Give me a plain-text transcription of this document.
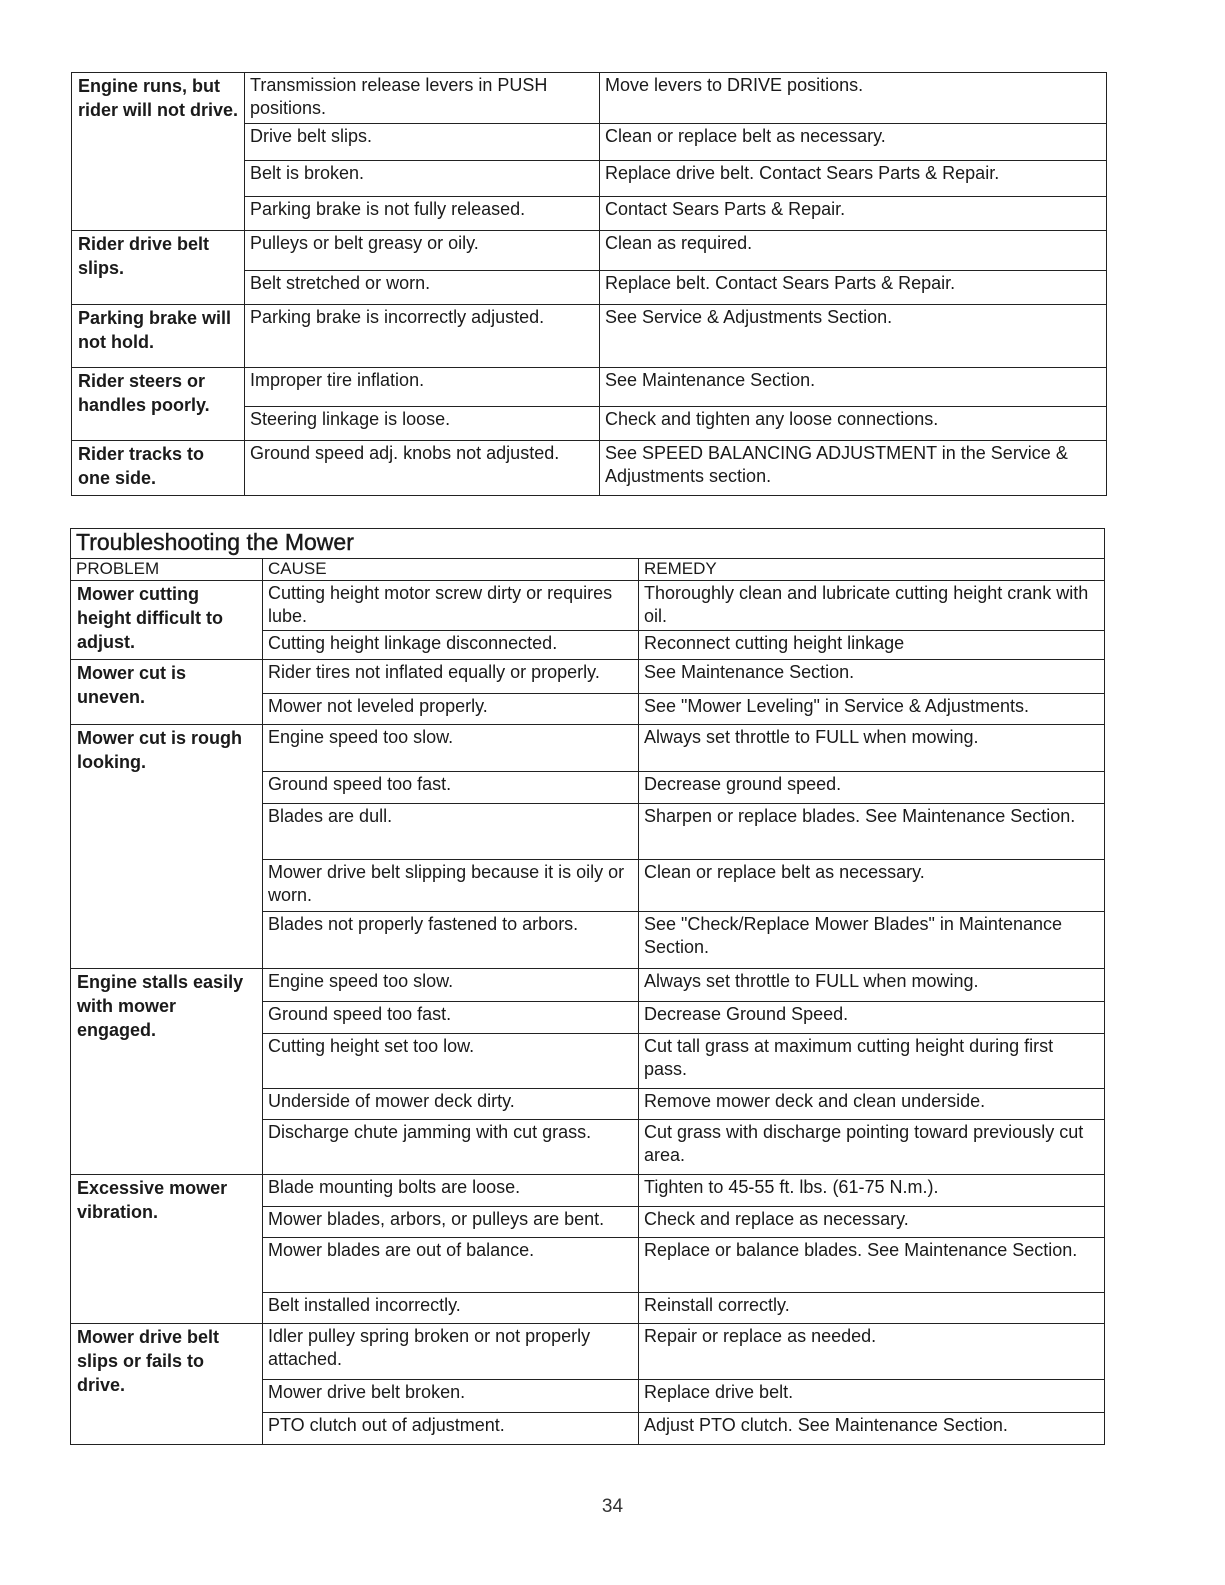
Engine runs, but rider will not drive.	Transmission release levers in PUSH positions.	Move levers to DRIVE positions.
	Drive belt slips.	Clean or replace belt as necessary.
	Belt is broken.	Replace drive belt. Contact Sears Parts & Repair.
	Parking brake is not fully released.	Contact Sears Parts & Repair.
Rider drive belt slips.	Pulleys or belt greasy or oily.	Clean as required.
	Belt stretched or worn.	Replace belt. Contact Sears Parts & Repair.
Parking brake will not hold.	Parking brake is incorrectly adjusted.	See Service & Adjustments Section.
Rider steers or handles poorly.	Improper tire inflation.	See Maintenance Section.
	Steering linkage is loose.	Check and tighten any loose connections.
Rider tracks to one side.	Ground speed adj. knobs not adjusted.	See SPEED BALANCING ADJUSTMENT in the Service & Adjustments section.
Troubleshooting the Mower		
PROBLEM	CAUSE	REMEDY
Mower cutting height difficult to adjust.	Cutting height motor screw dirty or requires lube.	Thoroughly clean and lubricate cutting height crank with oil.
	Cutting height linkage disconnected.	Reconnect cutting height linkage
Mower cut is uneven.	Rider tires not inflated equally or properly.	See Maintenance Section.
	Mower not leveled properly.	See "Mower Leveling" in Service & Adjustments.
Mower cut is rough looking.	Engine speed too slow.	Always set throttle to FULL when mowing.
	Ground speed too fast.	Decrease ground speed.
	Blades are dull.	Sharpen or replace blades. See Maintenance Section.
	Mower drive belt slipping because it is oily or worn.	Clean or replace belt as necessary.
	Blades not properly fastened to arbors.	See "Check/Replace Mower Blades" in Maintenance Section.
Engine stalls easily with mower engaged.	Engine speed too slow.	Always set throttle to FULL when mowing.
	Ground speed too fast.	Decrease Ground Speed.
	Cutting height set too low.	Cut tall grass at maximum cutting height during first pass.
	Underside of mower deck dirty.	Remove mower deck and clean underside.
	Discharge chute jamming with cut grass.	Cut grass with discharge pointing toward previously cut area.
Excessive mower vibration.	Blade mounting bolts are loose.	Tighten to 45-55 ft. lbs. (61-75 N.m.).
	Mower blades, arbors, or pulleys are bent.	Check and replace as necessary.
	Mower blades are out of balance.	Replace or balance blades. See Maintenance Section.
	Belt installed incorrectly.	Reinstall correctly.
Mower drive belt slips or fails to drive.	Idler pulley spring broken or not properly attached.	Repair or replace as needed.
	Mower drive belt broken.	Replace drive belt.
	PTO clutch out of adjustment.	Adjust PTO clutch. See Maintenance Section.
34
